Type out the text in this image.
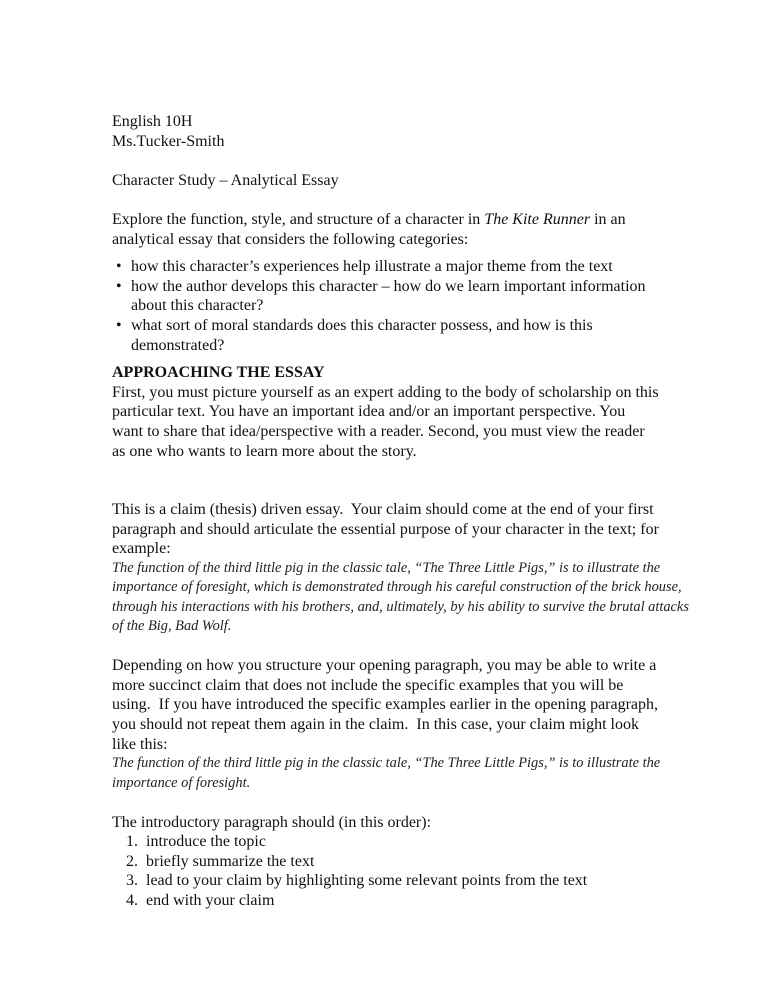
English 10H
Ms.Tucker-Smith
Character Study – Analytical Essay
Explore the function, style, and structure of a character in The Kite Runner in an
analytical essay that considers the following categories:
• how this character’s experiences help illustrate a major theme from the text
• how the author develops this character – how do we learn important information
about this character?
• what sort of moral standards does this character possess, and how is this
demonstrated?
APPROACHING THE ESSAY
First, you must picture yourself as an expert adding to the body of scholarship on this
particular text. You have an important idea and/or an important perspective. You
want to share that idea/perspective with a reader. Second, you must view the reader
as one who wants to learn more about the story.
This is a claim (thesis) driven essay.  Your claim should come at the end of your first
paragraph and should articulate the essential purpose of your character in the text; for
example:
The function of the third little pig in the classic tale, “The Three Little Pigs,” is to illustrate the
importance of foresight, which is demonstrated through his careful construction of the brick house,
through his interactions with his brothers, and, ultimately, by his ability to survive the brutal attacks
of the Big, Bad Wolf.
Depending on how you structure your opening paragraph, you may be able to write a
more succinct claim that does not include the specific examples that you will be
using.  If you have introduced the specific examples earlier in the opening paragraph,
you should not repeat them again in the claim.  In this case, your claim might look
like this:
The function of the third little pig in the classic tale, “The Three Little Pigs,” is to illustrate the
importance of foresight.
The introductory paragraph should (in this order):
1.  introduce the topic
2.  briefly summarize the text
3.  lead to your claim by highlighting some relevant points from the text
4.  end with your claim
